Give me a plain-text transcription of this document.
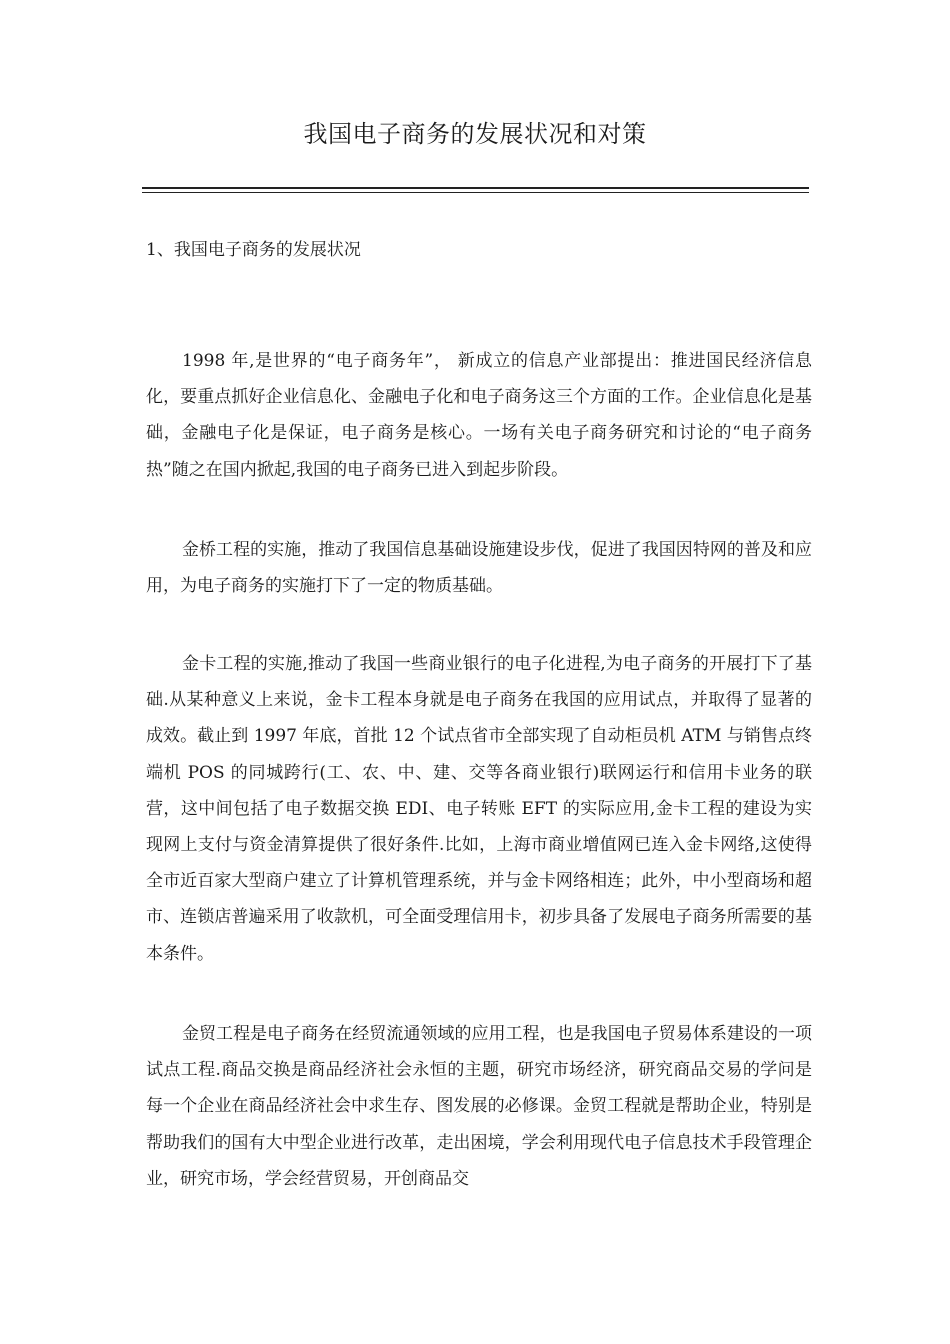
我国电子商务的发展状况和对策
1、我国电子商务的发展状况

1998 年,是世界的“电子商务年”， 新成立的信息产业部提出：推进国民经济信息化，要重点抓好企业信息化、金融电子化和电子商务这三个方面的工作。企业信息化是基础，金融电子化是保证，电子商务是核心。一场有关电子商务研究和讨论的“电子商务热”随之在国内掀起,我国的电子商务已进入到起步阶段。

金桥工程的实施，推动了我国信息基础设施建设步伐，促进了我国因特网的普及和应用，为电子商务的实施打下了一定的物质基础。

金卡工程的实施,推动了我国一些商业银行的电子化进程,为电子商务的开展打下了基础.从某种意义上来说，金卡工程本身就是电子商务在我国的应用试点，并取得了显著的成效。截止到 1997 年底，首批 12 个试点省市全部实现了自动柜员机 ATM 与销售点终端机 POS 的同城跨行(工、农、中、建、交等各商业银行)联网运行和信用卡业务的联营，这中间包括了电子数据交换 EDI、电子转账 EFT 的实际应用,金卡工程的建设为实现网上支付与资金清算提供了很好条件.比如，上海市商业增值网已连入金卡网络,这使得全市近百家大型商户建立了计算机管理系统，并与金卡网络相连；此外，中小型商场和超市、连锁店普遍采用了收款机，可全面受理信用卡，初步具备了发展电子商务所需要的基本条件。

金贸工程是电子商务在经贸流通领域的应用工程，也是我国电子贸易体系建设的一项试点工程.商品交换是商品经济社会永恒的主题，研究市场经济，研究商品交易的学问是每一个企业在商品经济社会中求生存、图发展的必修课。金贸工程就是帮助企业，特别是帮助我们的国有大中型企业进行改革，走出困境，学会利用现代电子信息技术手段管理企业，研究市场，学会经营贸易，开创商品交
